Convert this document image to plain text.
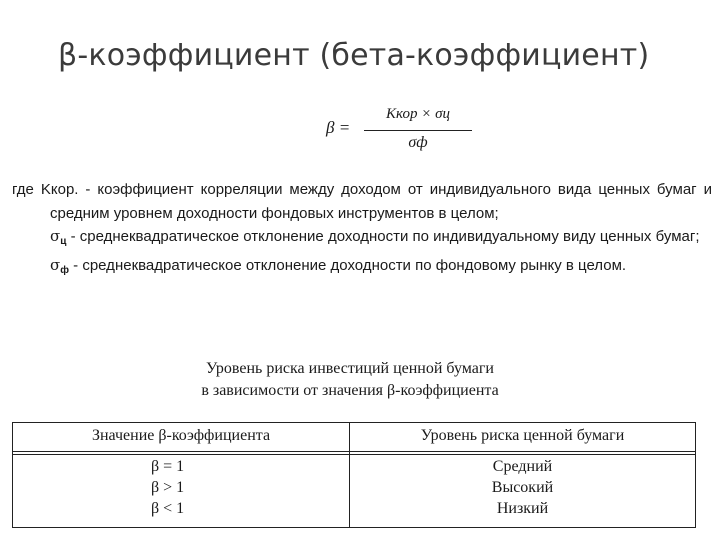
β-коэффициент (бета-коэффициент)
β =
Kкор × σц
σф

где Kкор. - коэффициент корреляции между доходом от индивидуального вида ценных бумаг и средним уровнем доходности фондовых инструментов в целом;

$\sigma_ц$ - среднеквадратическое отклонение доходности по индивидуальному виду ценных бумаг;

$\sigma_ф$ - среднеквадратическое отклонение доходности по фондовому рынку в целом.

Уровень риска инвестиций ценной бумаги
в зависимости от значения β-коэффициента
Значение β-коэффициента	Уровень риска ценной бумаги
β = 1
β > 1
β < 1
Средний
Высокий
Низкий
